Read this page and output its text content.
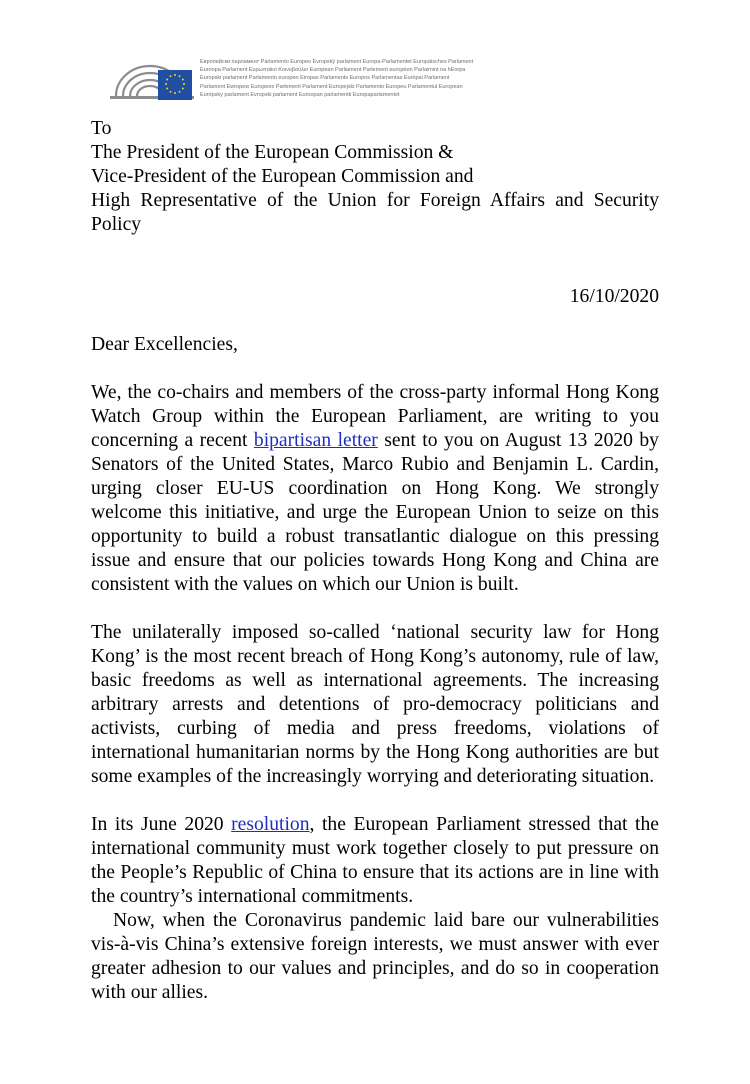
Европейски парламент Parlamento Europeo Evropský parlament Europa-Parlamentet Europäisches Parlament
Euroopa Parlament Ευρωπαϊκό Κοινοβούλιο European Parliament Parlement européen Parlaimint na hEorpa
Europski parlament Parlamento europeo Eiropas Parlaments Europos Parlamentas Európai Parlament
Parlament Ewropew Europees Parlement Parlament Europejski Parlamento Europeu Parlamentul European
Európsky parlament Evropski parlament Euroopan parlamentti Europaparlamentet

To

The President of the European Commission &

Vice-President of the European Commission and

High Representative of the Union for Foreign Affairs and Security Policy

16/10/2020

Dear Excellencies,

We, the co-chairs and members of the cross-party informal Hong Kong Watch Group within the European Parliament, are writing to you concerning a recent bipartisan letter sent to you on August 13 2020 by Senators of the United States, Marco Rubio and Benjamin L. Cardin, urging closer EU-US coordination on Hong Kong. We strongly welcome this initiative, and urge the European Union to seize on this opportunity to build a robust transatlantic dialogue on this pressing issue and ensure that our policies towards Hong Kong and China are consistent with the values on which our Union is built.

The unilaterally imposed so-called ‘national security law for Hong Kong’ is the most recent breach of Hong Kong’s autonomy, rule of law, basic freedoms as well as international agreements. The increasing arbitrary arrests and detentions of pro-democracy politicians and activists, curbing of media and press freedoms, violations of international humanitarian norms by the Hong Kong authorities are but some examples of the increasingly worrying and deteriorating situation.

In its June 2020 resolution, the European Parliament stressed that the international community must work together closely to put pressure on the People’s Republic of China to ensure that its actions are in line with the country’s international commitments.

Now, when the Coronavirus pandemic laid bare our vulnerabilities vis-à-vis China’s extensive foreign interests, we must answer with ever greater adhesion to our values and principles, and do so in cooperation with our allies.
